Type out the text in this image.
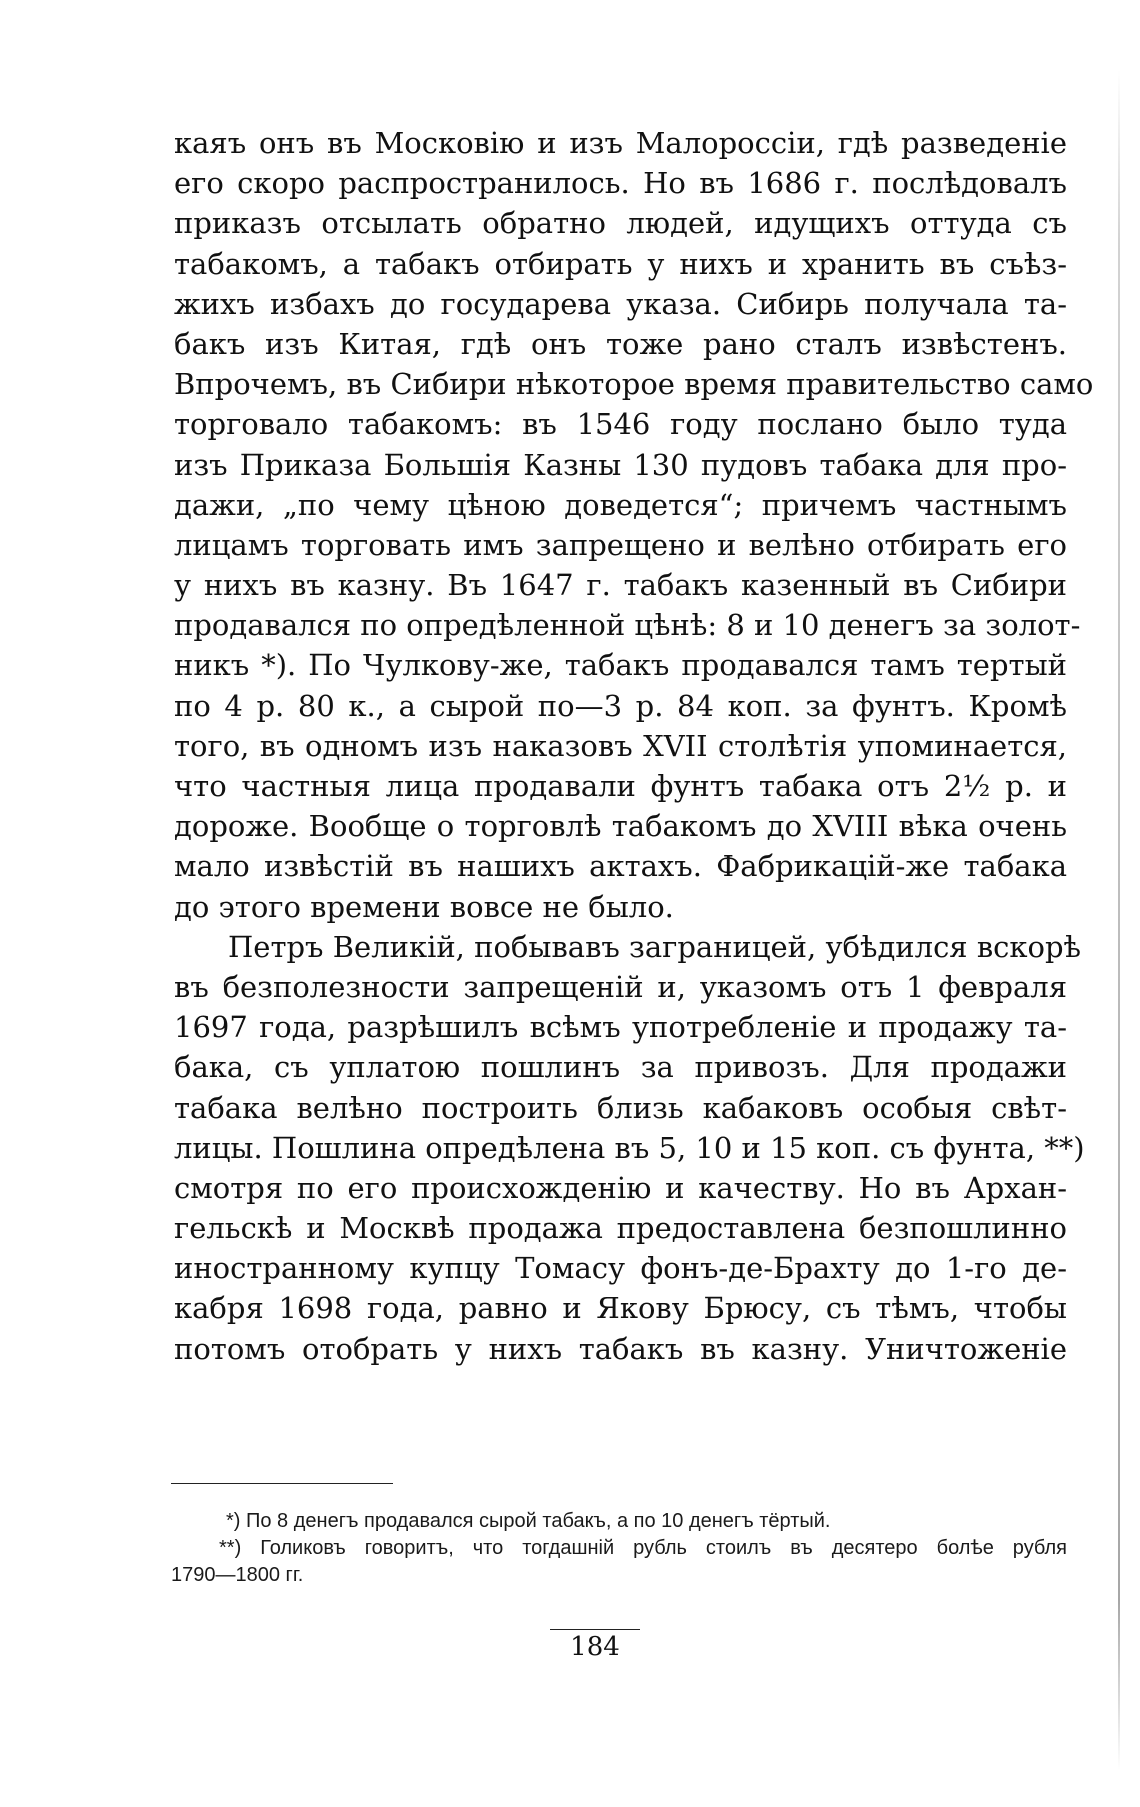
каяъ онъ въ Московію и изъ Малороссіи, гдѣ разведеніе
его скоро распространилось. Но въ 1686 г. послѣдовалъ
приказъ отсылать обратно людей, идущихъ оттуда съ
табакомъ, а табакъ отбирать у нихъ и хранить въ съѣз-
жихъ избахъ до государева указа. Сибирь получала та-
бакъ изъ Китая, гдѣ онъ тоже рано сталъ извѣстенъ.
Впрочемъ, въ Сибири нѣкоторое время правительство само
торговало табакомъ: въ 1546 году послано было туда
изъ Приказа Большія Казны 130 пудовъ табака для про-
дажи, „по чему цѣною доведется“; причемъ частнымъ
лицамъ торговать имъ запрещено и велѣно отбирать его
у нихъ въ казну. Въ 1647 г. табакъ казенный въ Сибири
продавался по опредѣленной цѣнѣ: 8 и 10 денегъ за золот-
никъ *). По Чулкову-же, табакъ продавался тамъ тертый
по 4 р. 80 к., а сырой по—3 р. 84 коп. за фунтъ. Кромѣ
того, въ одномъ изъ наказовъ XVII столѣтія упоминается,
что частныя лица продавали фунтъ табака отъ 2½ р. и
дороже. Вообще о торговлѣ табакомъ до XVIII вѣка очень
мало извѣстій въ нашихъ актахъ. Фабрикацій-же табака
до этого времени вовсе не было.
Петръ Великій, побывавъ заграницей, убѣдился вскорѣ
въ безполезности запрещеній и, указомъ отъ 1 февраля
1697 года, разрѣшилъ всѣмъ употребленіе и продажу та-
бака, съ уплатою пошлинъ за привозъ. Для продажи
табака велѣно построить близь кабаковъ особыя свѣт-
лицы. Пошлина опредѣлена въ 5, 10 и 15 коп. съ фунта, **)
смотря по его происхожденію и качеству. Но въ Архан-
гельскѣ и Москвѣ продажа предоставлена безпошлинно
иностранному купцу Томасу фонъ-де-Брахту до 1-го де-
кабря 1698 года, равно и Якову Брюсу, съ тѣмъ, чтобы
потомъ отобрать у нихъ табакъ въ казну. Уничтоженіе
*) По 8 денегъ продавался сырой табакъ, а по 10 денегъ тёртый.
**) Голиковъ говоритъ, что тогдашній рубль стоилъ въ десятеро болѣе рубля
1790—1800 гг.
184
